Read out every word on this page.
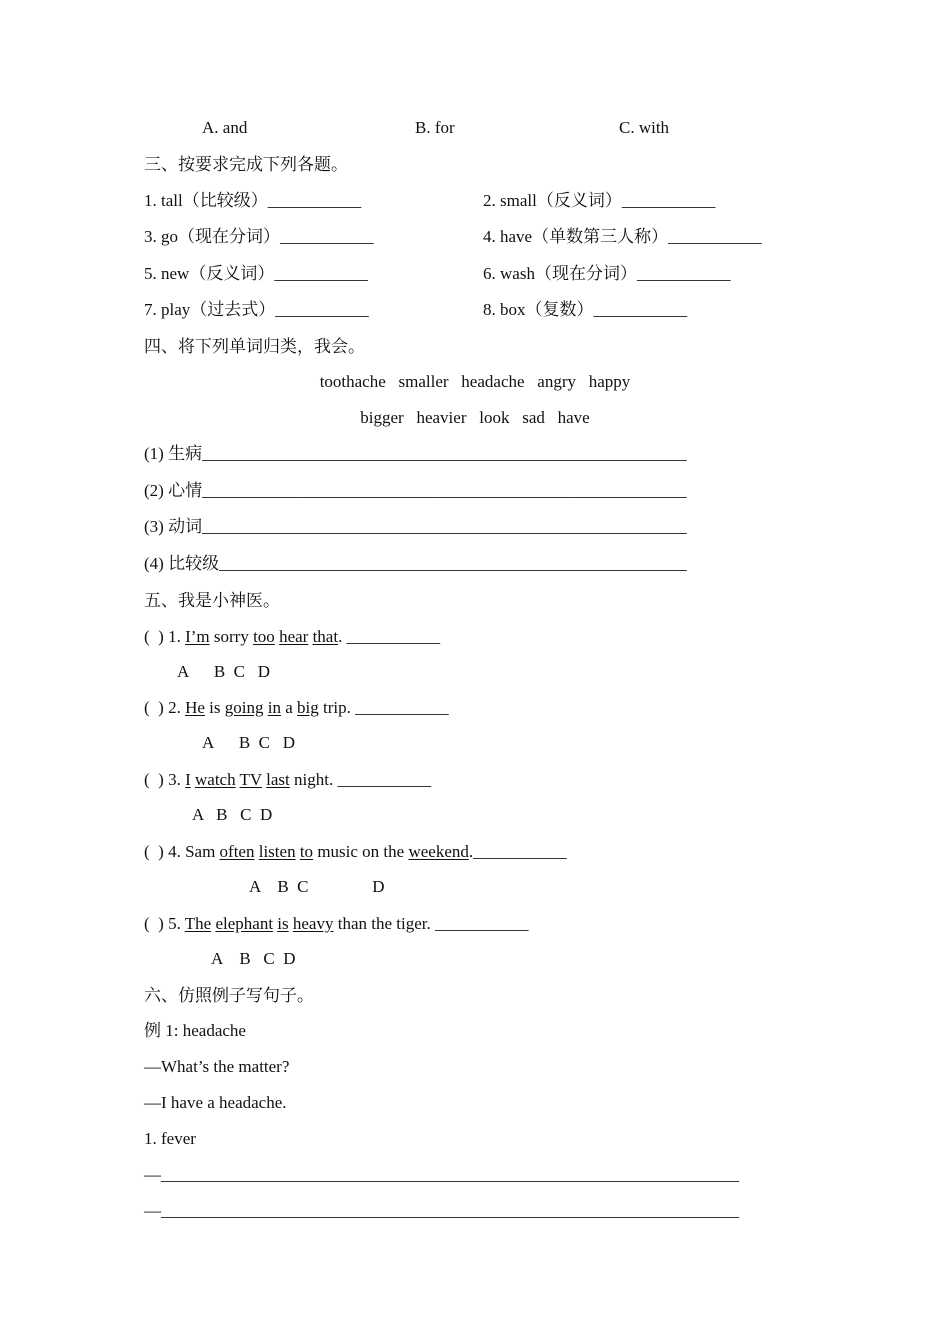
A. and	B. for	C. with
三、按要求完成下列各题。
1. tall（比较级）___________	2. small（反义词）___________
3. go（现在分词）___________	4. have（单数第三人称）___________
5. new（反义词）___________	6. wash（现在分词）___________
7. play（过去式）___________	8. box（复数）___________
四、将下列单词归类，我会。
toothache   smaller   headache   angry   happy
bigger   heavier   look   sad   have
(1) 生病_________________________________________________________
(2) 心情_________________________________________________________
(3) 动词_________________________________________________________
(4) 比较级_______________________________________________________
五、我是小神医。
(  ) 1. I’m sorry too hear that. ___________
A      B  C   D
(  ) 2. He is going in a big trip. ___________
A      B  C   D
(  ) 3. I watch TV last night. ___________
A   B   C  D
(  ) 4. Sam often listen to music on the weekend.___________
A    B  C               D
(  ) 5. The elephant is heavy than the tiger. ___________
A    B   C  D
六、仿照例子写句子。
例 1: headache
—What’s the matter?
—I have a headache.
1. fever
—____________________________________________________________________
—____________________________________________________________________
